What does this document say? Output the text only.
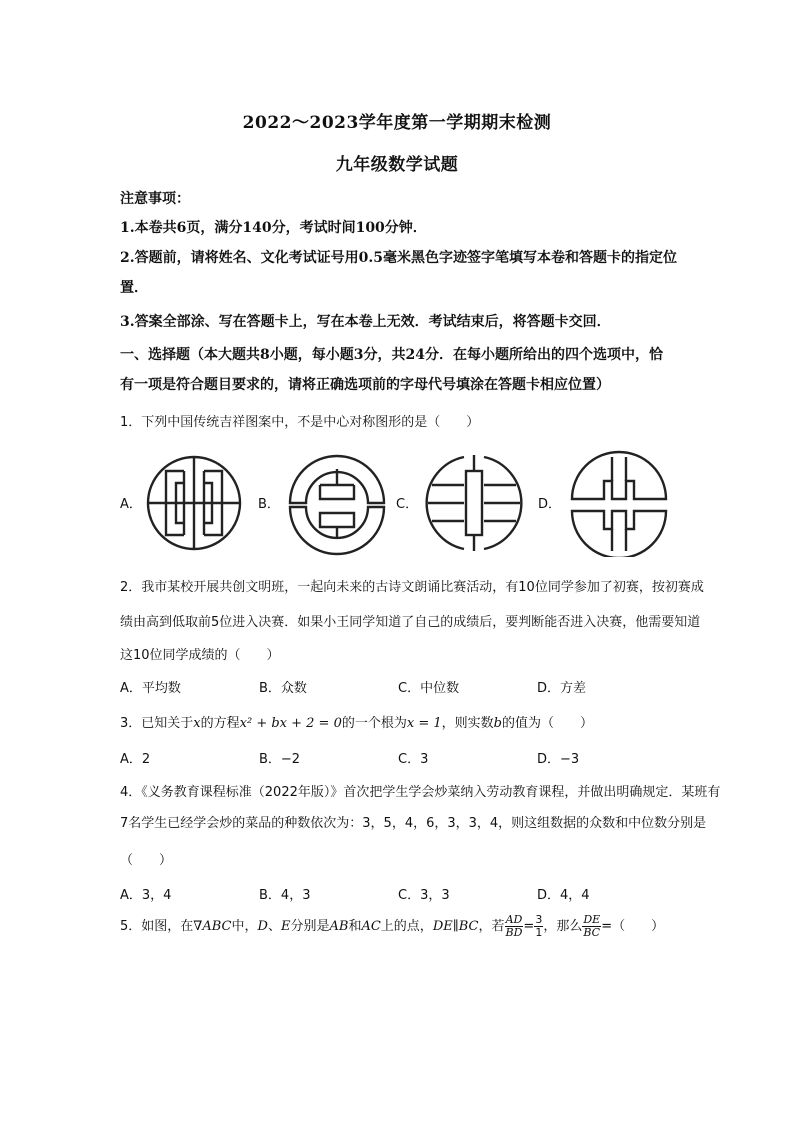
2022～2023学年度第一学期期末检测
九年级数学试题
注意事项：
1.本卷共6页，满分140分，考试时间100分钟．
2.答题前，请将姓名、文化考试证号用0.5毫米黑色字迹签字笔填写本卷和答题卡的指定位
置．
3.答案全部涂、写在答题卡上，写在本卷上无效．考试结束后，将答题卡交回．
一、选择题（本大题共8小题，每小题3分，共24分．在每小题所给出的四个选项中，恰
有一项是符合题目要求的，请将正确选项前的字母代号填涂在答题卡相应位置）
1．下列中国传统吉祥图案中，不是中心对称图形的是（　　）
A．	B．	C．	D．
2．我市某校开展共创文明班，一起向未来的古诗文朗诵比赛活动，有10位同学参加了初赛，按初赛成
绩由高到低取前5位进入决赛．如果小王同学知道了自己的成绩后，要判断能否进入决赛，他需要知道
这10位同学成绩的（　　）
A．平均数	B．众数	C．中位数	D．方差
3．已知关于x的方程x² + bx + 2 = 0的一个根为x = 1，则实数b的值为（　　）
A．2	B．−2	C．3	D．−3
4．《义务教育课程标准（2022年版）》首次把学生学会炒菜纳入劳动教育课程，并做出明确规定．某班有
7名学生已经学会炒的菜品的种数依次为：3，5，4，6，3，3，4，则这组数据的众数和中位数分别是
（　　）
A．3，4	B．4，3	C．3，3	D．4，4
5．如图，在∇ABC中，D、E分别是AB和AC上的点，DE∥BC，若 $\frac{AD}{BD} = \frac{3}{1}$ ，那么 $\frac{DE}{BC}$ =（　　）
